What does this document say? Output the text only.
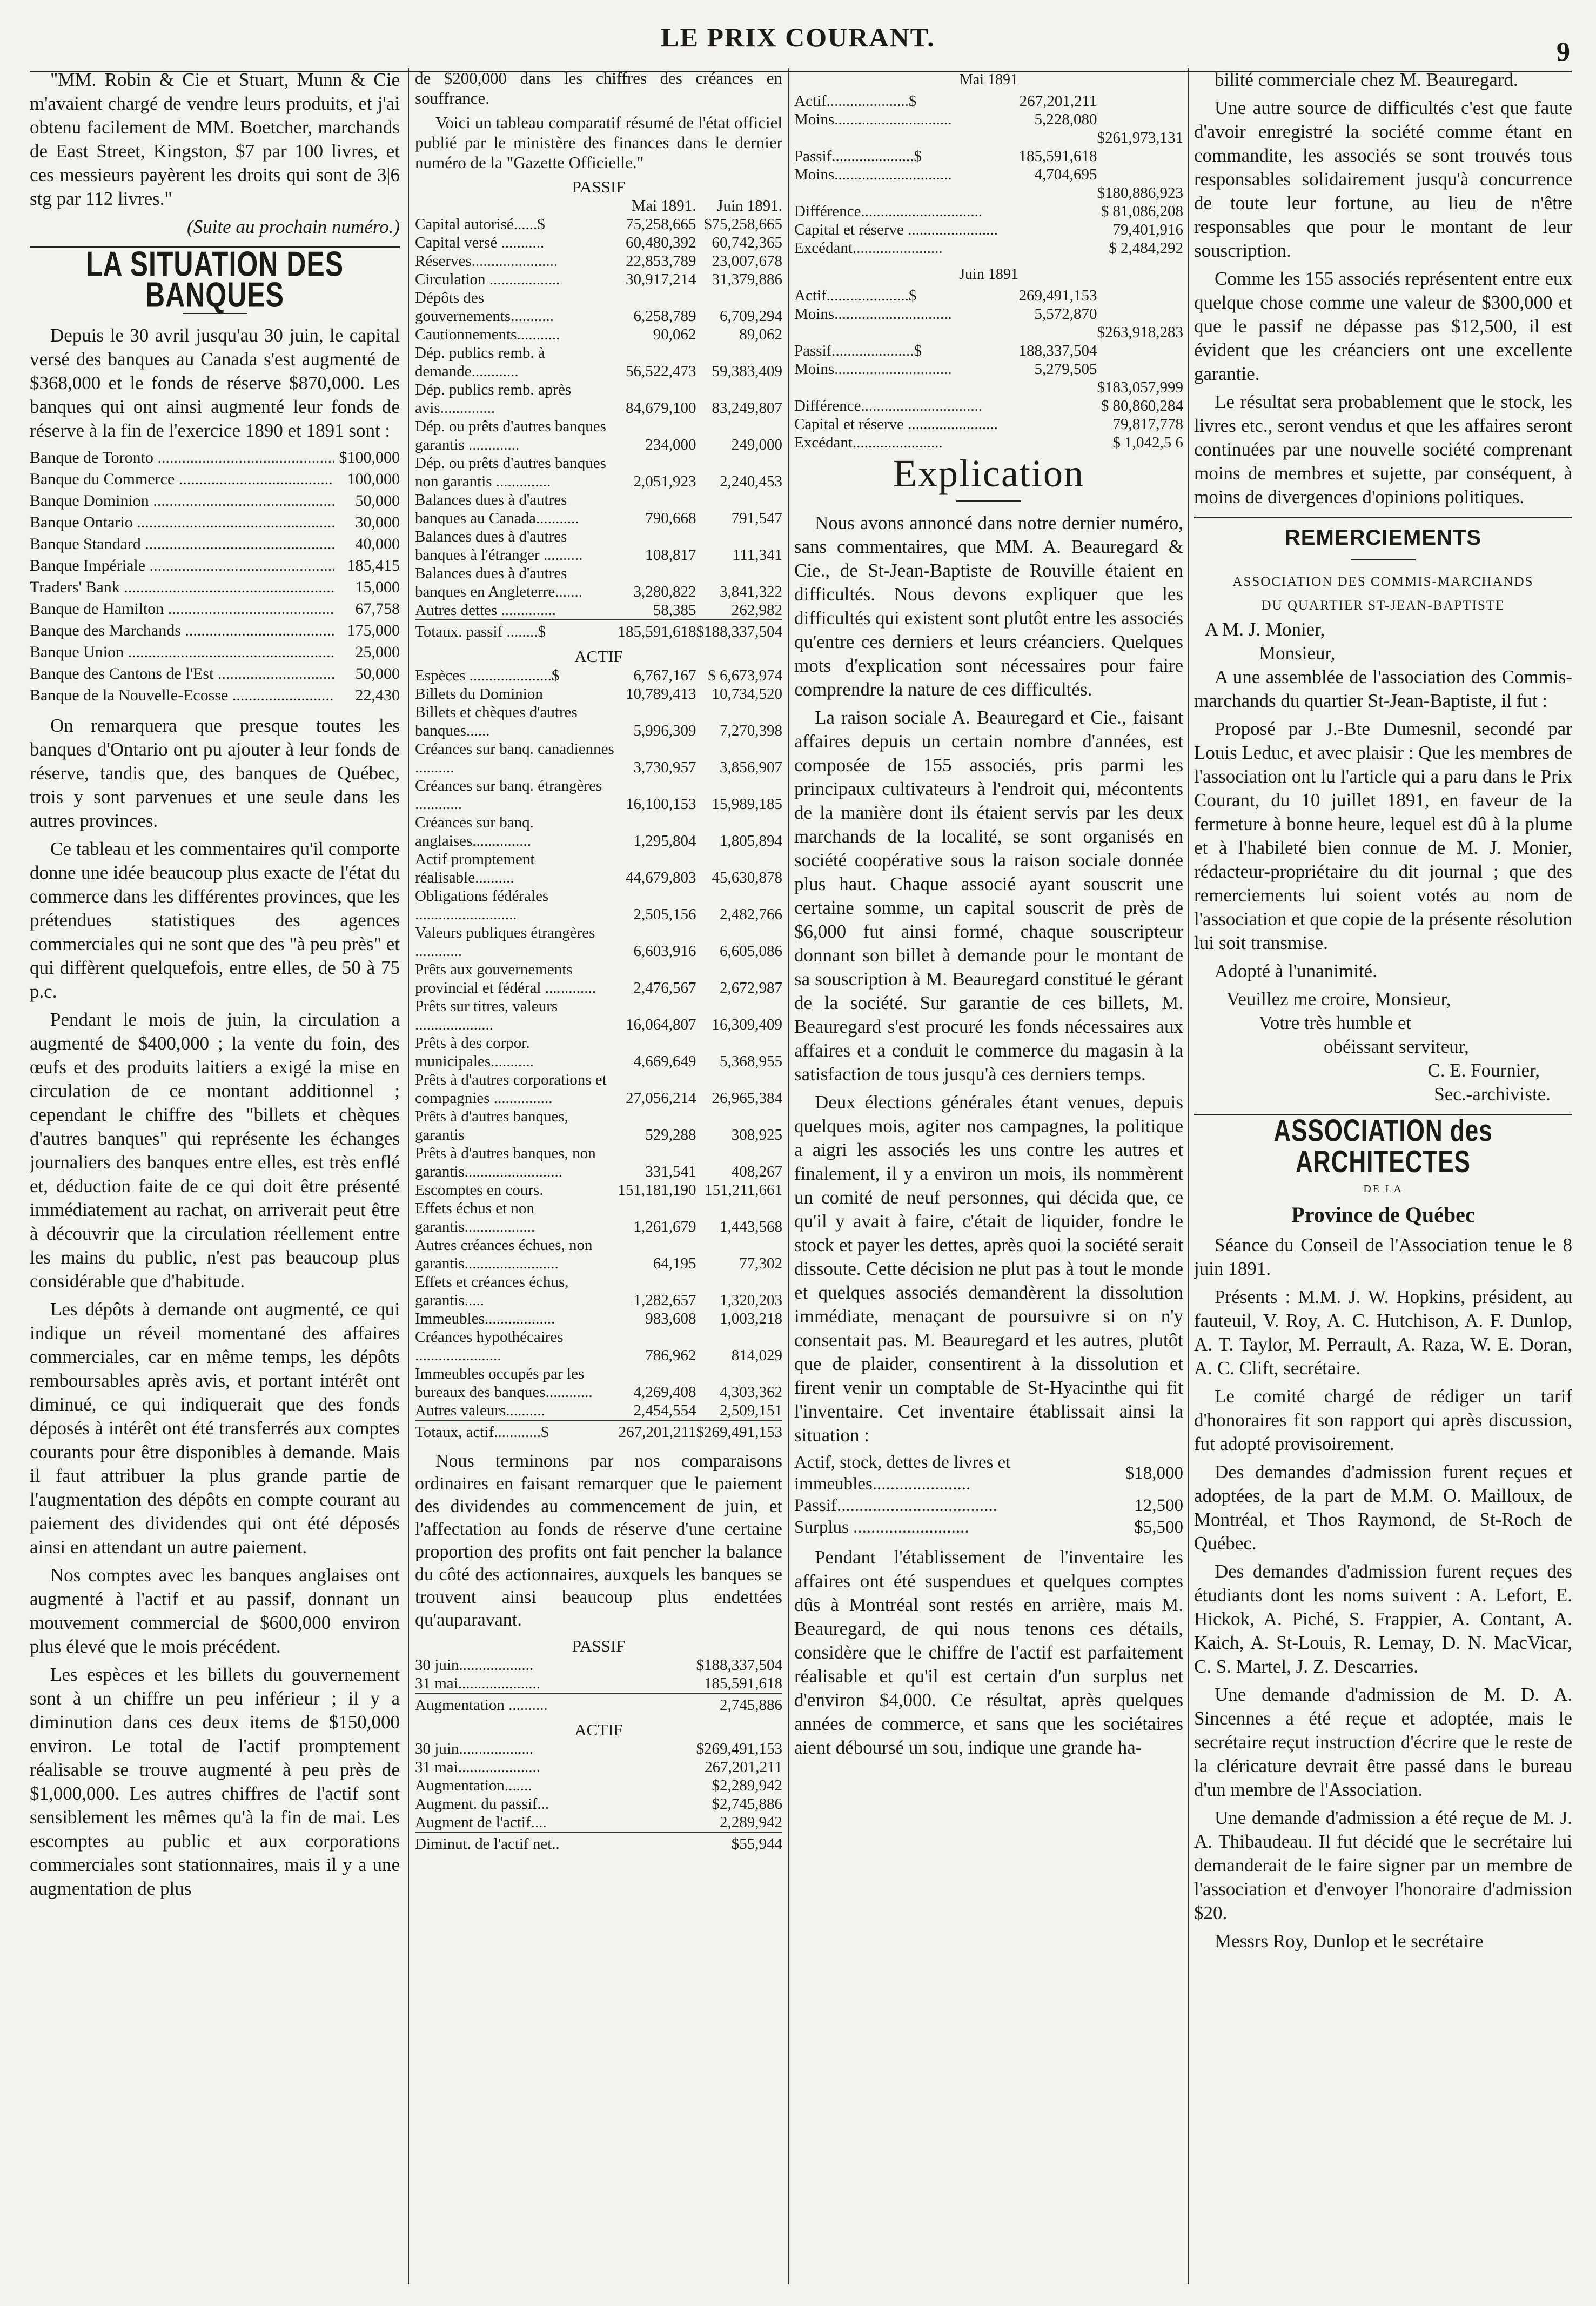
LE PRIX COURANT.	9

"MM. Robin & Cie et Stuart, Munn & Cie m'avaient chargé de vendre leurs produits, et j'ai obtenu facilement de MM. Boetcher, marchands de East Street, Kingston, $7 par 100 livres, et ces messieurs payèrent les droits qui sont de 3|6 stg par 112 livres."

(Suite au prochain numéro.)
LA SITUATION DES BANQUES

Depuis le 30 avril jusqu'au 30 juin, le capital versé des banques au Canada s'est augmenté de $368,000 et le fonds de réserve $870,000. Les banques qui ont ainsi augmenté leur fonds de réserve à la fin de l'exercice 1890 et 1891 sont :

Banque de Toronto .....	$100,000
Banque du Commerce .....	100,000
Banque Dominion .....	50,000
Banque Ontario .....	30,000
Banque Standard .....	40,000
Banque Impériale .....	185,415
Traders' Bank .....	15,000
Banque de Hamilton .....	67,758
Banque des Marchands .....	175,000
Banque Union .....	25,000
Banque des Cantons de l'Est .....	50,000
Banque de la Nouvelle-Ecosse .....	22,430

On remarquera que presque toutes les banques d'Ontario ont pu ajouter à leur fonds de réserve, tandis que, des banques de Québec, trois y sont parvenues et une seule dans les autres provinces.

Ce tableau et les commentaires qu'il comporte donne une idée beaucoup plus exacte de l'état du commerce dans les différentes provinces, que les prétendues statistiques des agences commerciales qui ne sont que des "à peu près" et qui diffèrent quelquefois, entre elles, de 50 à 75 p.c.

Pendant le mois de juin, la circulation a augmenté de $400,000 ; la vente du foin, des œufs et des produits laitiers a exigé la mise en circulation de ce montant additionnel ; cependant le chiffre des "billets et chèques d'autres banques" qui représente les échanges journaliers des banques entre elles, est très enflé et, déduction faite de ce qui doit être présenté immédiatement au rachat, on arriverait peut être à découvrir que la circulation réellement entre les mains du public, n'est pas beaucoup plus considérable que d'habitude.

Les dépôts à demande ont augmenté, ce qui indique un réveil momentané des affaires commerciales, car en même temps, les dépôts remboursables après avis, et portant intérêt ont diminué, ce qui indiquerait que des fonds déposés à intérêt ont été transferrés aux comptes courants pour être disponibles à demande. Mais il faut attribuer la plus grande partie de l'augmentation des dépôts en compte courant au paiement des dividendes qui ont été déposés ainsi en attendant un autre paiement.

Nos comptes avec les banques anglaises ont augmenté à l'actif et au passif, donnant un mouvement commercial de $600,000 environ plus élevé que le mois précédent.

Les espèces et les billets du gouvernement sont à un chiffre un peu inférieur ; il y a diminution dans ces deux items de $150,000 environ. Le total de l'actif promptement réalisable se trouve augmenté à peu près de $1,000,000. Les autres chiffres de l'actif sont sensiblement les mêmes qu'à la fin de mai. Les escomptes au public et aux corporations commerciales sont stationnaires, mais il y a une augmentation de plus

de $200,000 dans les chiffres des créances en souffrance.

Voici un tableau comparatif résumé de l'état officiel publié par le ministère des finances dans le dernier numéro de la "Gazette Officielle."

PASSIF
	Mai 1891.	Juin 1891.
Capital autorisé......$	75,258,665	$75,258,665
Capital versé ...........	60,480,392	60,742,365
Réserves......................	22,853,789	23,007,678
Circulation ..................	30,917,214	31,379,886
Dépôts des gouvernements...........	6,258,789	6,709,294
Cautionnements...........	90,062	89,062
Dép. publics remb. à demande............	56,522,473	59,383,409
Dép. publics remb. après avis..............	84,679,100	83,249,807
Dép. ou prêts d'autres banques garantis .............	234,000	249,000
Dép. ou prêts d'autres banques non garantis ..............	2,051,923	2,240,453
Balances dues à d'autres banques au Canada...........	790,668	791,547
Balances dues à d'autres banques à l'étranger ..........	108,817	111,341
Balances dues à d'autres banques en Angleterre.......	3,280,822	3,841,322
Autres dettes ..............	58,385	262,982
Totaux. passif ........$	185,591,618	$188,337,504
ACTIF
Espèces .....................$	6,767,167	$ 6,673,974
Billets du Dominion	10,789,413	10,734,520
Billets et chèques d'autres banques......	5,996,309	7,270,398
Créances sur banq. canadiennes ..........	3,730,957	3,856,907
Créances sur banq. étrangères ............	16,100,153	15,989,185
Créances sur banq. anglaises...............	1,295,804	1,805,894
Actif promptement réalisable..........	44,679,803	45,630,878
Obligations fédérales ..........................	2,505,156	2,482,766
Valeurs publiques étrangères ............	6,603,916	6,605,086
Prêts aux gouvernements provincial et fédéral .............	2,476,567	2,672,987
Prêts sur titres, valeurs ....................	16,064,807	16,309,409
Prêts à des corpor. municipales...........	4,669,649	5,368,955
Prêts à d'autres corporations et compagnies ...............	27,056,214	26,965,384
Prêts à d'autres banques, garantis	529,288	308,925
Prêts à d'autres banques, non garantis.........................	331,541	408,267
Escomptes en cours.	151,181,190	151,211,661
Effets échus et non garantis..................	1,261,679	1,443,568
Autres créances échues, non garantis........................	64,195	77,302
Effets et créances échus, garantis.....	1,282,657	1,320,203
Immeubles..................	983,608	1,003,218
Créances hypothécaires ......................	786,962	814,029
Immeubles occupés par les bureaux des banques............	4,269,408	4,303,362
Autres valeurs..........	2,454,554	2,509,151
Totaux, actif............$	267,201,211	$269,491,153

Nous terminons par nos comparaisons ordinaires en faisant remarquer que le paiement des dividendes au commencement de juin, et l'affectation au fonds de réserve d'une certaine proportion des profits ont fait pencher la balance du côté des actionnaires, auxquels les banques se trouvent ainsi beaucoup plus endettées qu'auparavant.

PASSIF
30 juin...................	$188,337,504
31 mai.....................	185,591,618
Augmentation ..........	2,745,886
ACTIF
30 juin...................	$269,491,153
31 mai.....................	267,201,211
Augmentation.......	$2,289,942
Augment. du passif...	$2,745,886
Augment de l'actif....	2,289,942
Diminut. de l'actif net..	$55,944
Mai 1891
Actif.....................$	267,201,211	
Moins..............................	5,228,080	
		$261,973,131
Passif.....................$	185,591,618	
Moins..............................	4,704,695	
		$180,886,923
Différence...............................		$ 81,086,208
Capital et réserve .......................		79,401,916
Excédant.......................		$ 2,484,292
Juin 1891
Actif.....................$	269,491,153	
Moins..............................	5,572,870	
		$263,918,283
Passif.....................$	188,337,504	
Moins..............................	5,279,505	
		$183,057,999
Différence...............................		$ 80,860,284
Capital et réserve .......................		79,817,778
Excédant.......................		$ 1,042,5 6
Explication

Nous avons annoncé dans notre dernier numéro, sans commentaires, que MM. A. Beauregard & Cie., de St-Jean-Baptiste de Rouville étaient en difficultés. Nous devons expliquer que les difficultés qui existent sont plutôt entre les associés qu'entre ces derniers et leurs créanciers. Quelques mots d'explication sont nécessaires pour faire comprendre la nature de ces difficultés.

La raison sociale A. Beauregard et Cie., faisant affaires depuis un certain nombre d'années, est composée de 155 associés, pris parmi les principaux cultivateurs à l'endroit qui, mécontents de la manière dont ils étaient servis par les deux marchands de la localité, se sont organisés en société coopérative sous la raison sociale donnée plus haut. Chaque associé ayant souscrit une certaine somme, un capital souscrit de près de $6,000 fut ainsi formé, chaque souscripteur donnant son billet à demande pour le montant de sa souscription à M. Beauregard constitué le gérant de la société. Sur garantie de ces billets, M. Beauregard s'est procuré les fonds nécessaires aux affaires et a conduit le commerce du magasin à la satisfaction de tous jusqu'à ces derniers temps.

Deux élections générales étant venues, depuis quelques mois, agiter nos campagnes, la politique a aigri les associés les uns contre les autres et finalement, il y a environ un mois, ils nommèrent un comité de neuf personnes, qui décida que, ce qu'il y avait à faire, c'était de liquider, fondre le stock et payer les dettes, après quoi la société serait dissoute. Cette décision ne plut pas à tout le monde et quelques associés demandèrent la dissolution immédiate, menaçant de poursuivre si on n'y consentait pas. M. Beauregard et les autres, plutôt que de plaider, consentirent à la dissolution et firent venir un comptable de St-Hyacinthe qui fit l'inventaire. Cet inventaire établissait ainsi la situation :

Actif, stock, dettes de livres et immeubles......................	$18,000
Passif....................................	12,500
Surplus ..........................	$5,500

Pendant l'établissement de l'inventaire les affaires ont été suspendues et quelques comptes dûs à Montréal sont restés en arrière, mais M. Beauregard, de qui nous tenons ces détails, considère que le chiffre de l'actif est parfaitement réalisable et qu'il est certain d'un surplus net d'environ $4,000. Ce résultat, après quelques années de commerce, et sans que les sociétaires aient déboursé un sou, indique une grande ha-

bilité commerciale chez M. Beauregard.

Une autre source de difficultés c'est que faute d'avoir enregistré la société comme étant en commandite, les associés se sont trouvés tous responsables solidairement jusqu'à concurrence de toute leur fortune, au lieu de n'être responsables que pour le montant de leur souscription.

Comme les 155 associés représentent entre eux quelque chose comme une valeur de $300,000 et que le passif ne dépasse pas $12,500, il est évident que les créanciers ont une excellente garantie.

Le résultat sera probablement que le stock, les livres etc., seront vendus et que les affaires seront continuées par une nouvelle société comprenant moins de membres et sujette, par conséquent, à moins de divergences d'opinions politiques.

REMERCIEMENTS
ASSOCIATION DES COMMIS-MARCHANDS
DU QUARTIER ST-JEAN-BAPTISTE
A M. J. Monier,
Monsieur,

A une assemblée de l'association des Commis-marchands du quartier St-Jean-Baptiste, il fut :

Proposé par J.-Bte Dumesnil, secondé par Louis Leduc, et avec plaisir : Que les membres de l'association ont lu l'article qui a paru dans le Prix Courant, du 10 juillet 1891, en faveur de la fermeture à bonne heure, lequel est dû à la plume et à l'habileté bien connue de M. J. Monier, rédacteur-propriétaire du dit journal ; que des remerciements lui soient votés au nom de l'association et que copie de la présente résolution lui soit transmise.

Adopté à l'unanimité.

Veuillez me croire, Monsieur,
Votre très humble et
obéissant serviteur,
C. E. Fournier,
Sec.-archiviste.
ASSOCIATION des ARCHITECTES
DE LA
Province de Québec

Séance du Conseil de l'Association tenue le 8 juin 1891.

Présents : M.M. J. W. Hopkins, président, au fauteuil, V. Roy, A. C. Hutchison, A. F. Dunlop, A. T. Taylor, M. Perrault, A. Raza, W. E. Doran, A. C. Clift, secrétaire.

Le comité chargé de rédiger un tarif d'honoraires fit son rapport qui après discussion, fut adopté provisoirement.

Des demandes d'admission furent reçues et adoptées, de la part de M.M. O. Mailloux, de Montréal, et Thos Raymond, de St-Roch de Québec.

Des demandes d'admission furent reçues des étudiants dont les noms suivent : A. Lefort, E. Hickok, A. Piché, S. Frappier, A. Contant, A. Kaich, A. St-Louis, R. Lemay, D. N. MacVicar, C. S. Martel, J. Z. Descarries.

Une demande d'admission de M. D. A. Sincennes a été reçue et adoptée, mais le secrétaire reçut instruction d'écrire que le reste de la cléricature devrait être passé dans le bureau d'un membre de l'Association.

Une demande d'admission a été reçue de M. J. A. Thibaudeau. Il fut décidé que le secrétaire lui demanderait de le faire signer par un membre de l'association et d'envoyer l'honoraire d'admission $20.

Messrs Roy, Dunlop et le secrétaire
